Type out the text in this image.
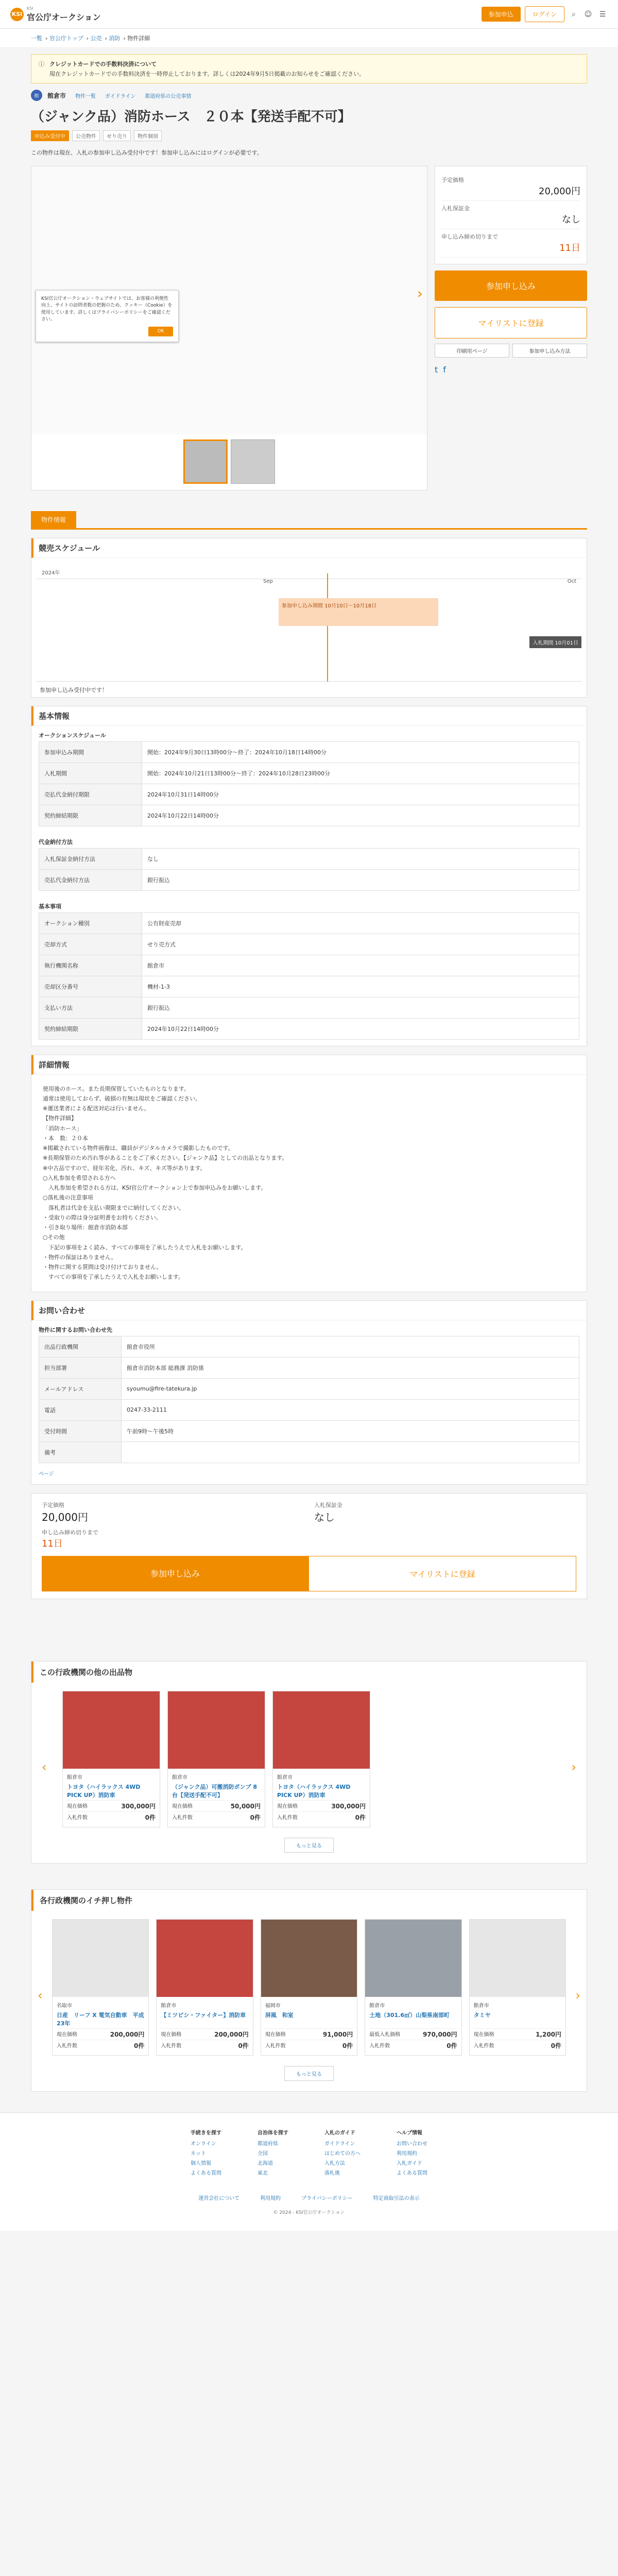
KSI
KSI
官公庁オークション	参加申込	ログイン	⌕	☺ ☰
一覧 › 官公庁トップ › 公売 › 消防 › 物件詳細
ⓘ クレジットカードでの手数料決済について
現在クレジットカードでの手数料決済を一時停止しております。詳しくは2024年9月5日掲載のお知らせをご確認ください。
館	館倉市 物件一覧 ガイドライン 都道府県の公売事情
（ジャンク品）消防ホース　２０本【発送手配不可】
申込み受付中	公売物件	せり売り	物件個別

この物件は現在、入札の参加申し込み受付中です！参加申し込みにはログインが必要です。

›
KSI官公庁オークション・ウェブサイトでは、お客様の利便性向上、サイトの訪問者数の把握のため、クッキー（Cookie）を使用しています。詳しくはプライバシーポリシーをご確認ください。
OK
予定価格
20,000円
入札保証金
なし
申し込み締め切りまで
11日
参加申し込み
マイリストに登録
印刷用ページ	参加申し込み方法
t f
物件情報
競売スケジュール
2024年
Sep	Oct
参加申し込み期間 10月10日～10月18日
入札期間 10月01日
参加申し込み受付中です！
基本情報
オークションスケジュール
参加申込み期間	開始：2024年9月30日13時00分～終了：2024年10月18日14時00分
入札期間	開始：2024年10月21日13時00分～終了：2024年10月28日23時00分
売払代金納付期限	2024年10月31日14時00分
契約締結期限	2024年10月22日14時00分
代金納付方法
入札保証金納付方法	なし
売払代金納付方法	銀行振込
基本事項
オークション種別	公有財産売却
売却方式	せり売方式
執行機関名称	館倉市
売却区分番号	機材-1-3
支払い方法	銀行振込
契約締結期限	2024年10月22日14時00分
詳細情報

使用後のホース。また長期保管していたものとなります。

通常は使用しておらず、破損の有無は現状をご確認ください。

※運送業者による配送対応は行いません。

【物件詳細】

「消防ホース」

・本　数：２０本

※掲載されている物件画像は、職員がデジタルカメラで撮影したものです。

※長期保管のため汚れ等があることをご了承ください。【ジャンク品】としての出品となります。

※中古品ですので、経年劣化、汚れ、キズ、キズ等があります。

○入札参加を希望される方へ

　入札参加を希望される方は、KSI官公庁オークション上で参加申込みをお願いします。

○落札後の注意事項

　落札者は代金を支払い期限までに納付してください。

・受取りの際は身分証明書をお持ちください。

・引き取り場所：館倉市消防本部

○その他

　下記の事項をよく読み、すべての事項を了承したうえで入札をお願いします。

・物件の保証はありません。

・物件に関する質問は受け付けておりません。

　すべての事項を了承したうえで入札をお願いします。

お問い合わせ
物件に関するお問い合わせ先
出品行政機関	館倉市役所
担当部署	館倉市消防本部 総務課 消防係
メールアドレス	syoumu@fire-tatekura.jp
電話	0247-33-2111
受付時間	午前9時～午後5時
備考	
ページ
予定価格
20,000円
入札保証金
なし
申し込み締め切りまで
11日
参加申し込み	マイリストに登録
この行政機関の他の出品物
‹	›
館倉市
トヨタ（ハイラックス 4WD PICK UP）消防車
現在価格	300,000円
入札件数	0件
館倉市
（ジャンク品）可搬消防ポンプ 8台【発送手配不可】
現在価格	50,000円
入札件数	0件
館倉市
トヨタ（ハイラックス 4WD PICK UP）消防車
現在価格	300,000円
入札件数	0件
もっと見る
各行政機関のイチ押し物件
‹	›
名取市
日産　リーフ X 電気自動車　平成23年
現在価格	200,000円
入札件数	0件
館倉市
【ミツビシ・ファイター】消防車
現在価格	200,000円
入札件数	0件
福岡市
屏風　和室
現在価格	91,000円
入札件数	0件
館倉市
土地（301.6㎡）山梨県南部町
最低入札価格	970,000円
入札件数	0件
館倉市
タミヤ
現在価格	1,200円
入札件数	0件
もっと見る
手続きを探す
オンライン
ネット
個人情報
よくある質問
自治体を探す
都道府県
全国
北海道
東北
入札のガイド
ガイドライン
はじめての方へ
入札方法
落札後
ヘルプ情報
お問い合わせ
利用規約
入札ガイド
よくある質問
運営会社について	利用規約	プライバシーポリシー	特定商取引法の表示
© 2024 - KSI官公庁オークション
